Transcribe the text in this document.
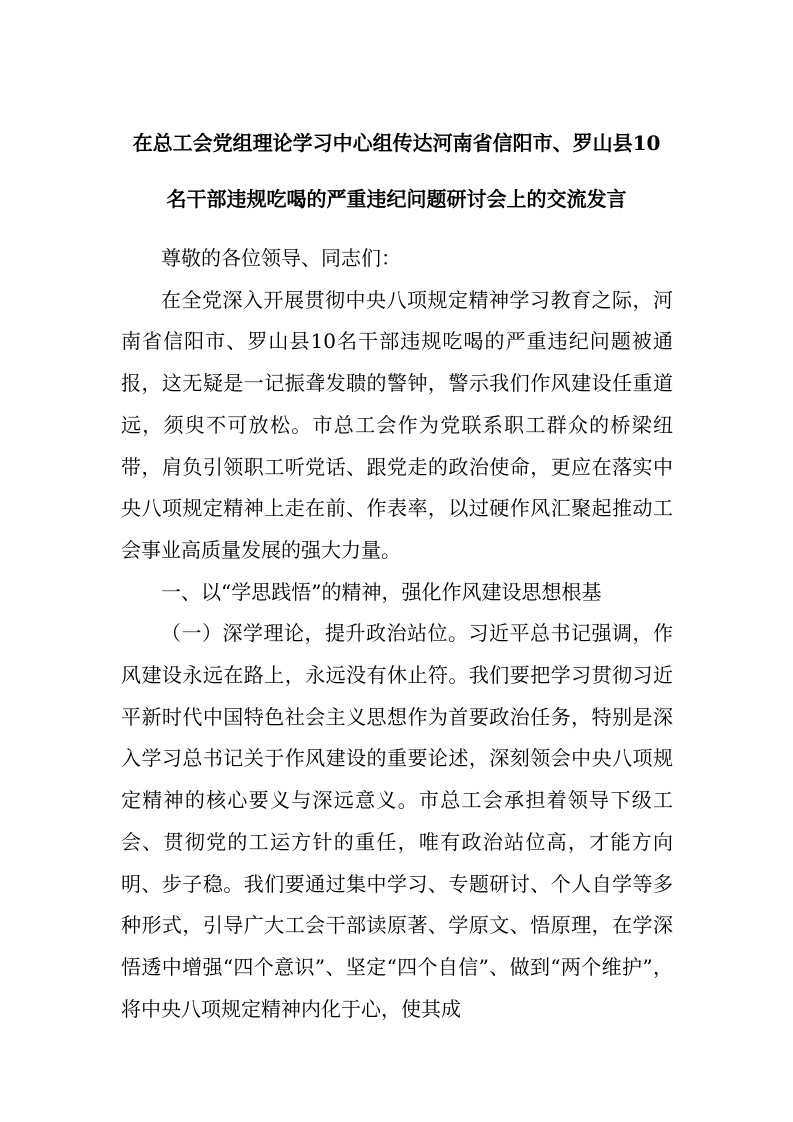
在总工会党组理论学习中心组传达河南省信阳市、罗山县10
名干部违规吃喝的严重违纪问题研讨会上的交流发言

尊敬的各位领导、同志们：

在全党深入开展贯彻中央八项规定精神学习教育之际，河南省信阳市、罗山县10名干部违规吃喝的严重违纪问题被通报，这无疑是一记振聋发聩的警钟，警示我们作风建设任重道远，须臾不可放松。市总工会作为党联系职工群众的桥梁纽带，肩负引领职工听党话、跟党走的政治使命，更应在落实中央八项规定精神上走在前、作表率，以过硬作风汇聚起推动工会事业高质量发展的强大力量。

一、以“学思践悟”的精神，强化作风建设思想根基

（一）深学理论，提升政治站位。习近平总书记强调，作风建设永远在路上，永远没有休止符。我们要把学习贯彻习近平新时代中国特色社会主义思想作为首要政治任务，特别是深入学习总书记关于作风建设的重要论述，深刻领会中央八项规定精神的核心要义与深远意义。市总工会承担着领导下级工会、贯彻党的工运方针的重任，唯有政治站位高，才能方向明、步子稳。我们要通过集中学习、专题研讨、个人自学等多种形式，引导广大工会干部读原著、学原文、悟原理，在学深悟透中增强“四个意识”、坚定“四个自信”、做到“两个维护”，将中央八项规定精神内化于心，使其成
